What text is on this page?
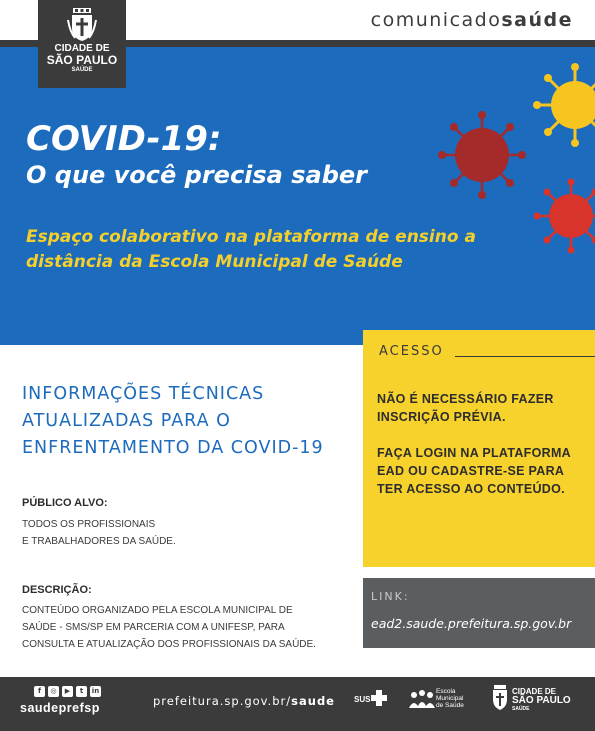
comunicadosaúde
CIDADE DE
SÃO PAULO
SAÚDE
COVID-19:
O que você precisa saber
Espaço colaborativo na plataforma de ensino a distância da Escola Municipal de Saúde
INFORMAÇÕES TÉCNICAS ATUALIZADAS PARA O ENFRENTAMENTO DA COVID-19
PÚBLICO ALVO:
TODOS OS PROFISSIONAIS
E TRABALHADORES DA SAÚDE.
DESCRIÇÃO:
CONTEÚDO ORGANIZADO PELA ESCOLA MUNICIPAL DE
SAÚDE - SMS/SP EM PARCERIA COM A UNIFESP, PARA
CONSULTA E ATUALIZAÇÃO DOS PROFISSIONAIS DA SAÚDE.
ACESSO
NÃO É NECESSÁRIO FAZER INSCRIÇÃO PRÉVIA.
FAÇA LOGIN NA PLATAFORMA EAD OU CADASTRE-SE PARA TER ACESSO AO CONTEÚDO.
LINK:
ead2.saude.prefeitura.sp.gov.br
f ◎ ▶ t in
saudeprefsp	prefeitura.sp.gov.br/saude SUS
Escola
Municipal
de Saúde
CIDADE DE
SÃO PAULO
SAÚDE
